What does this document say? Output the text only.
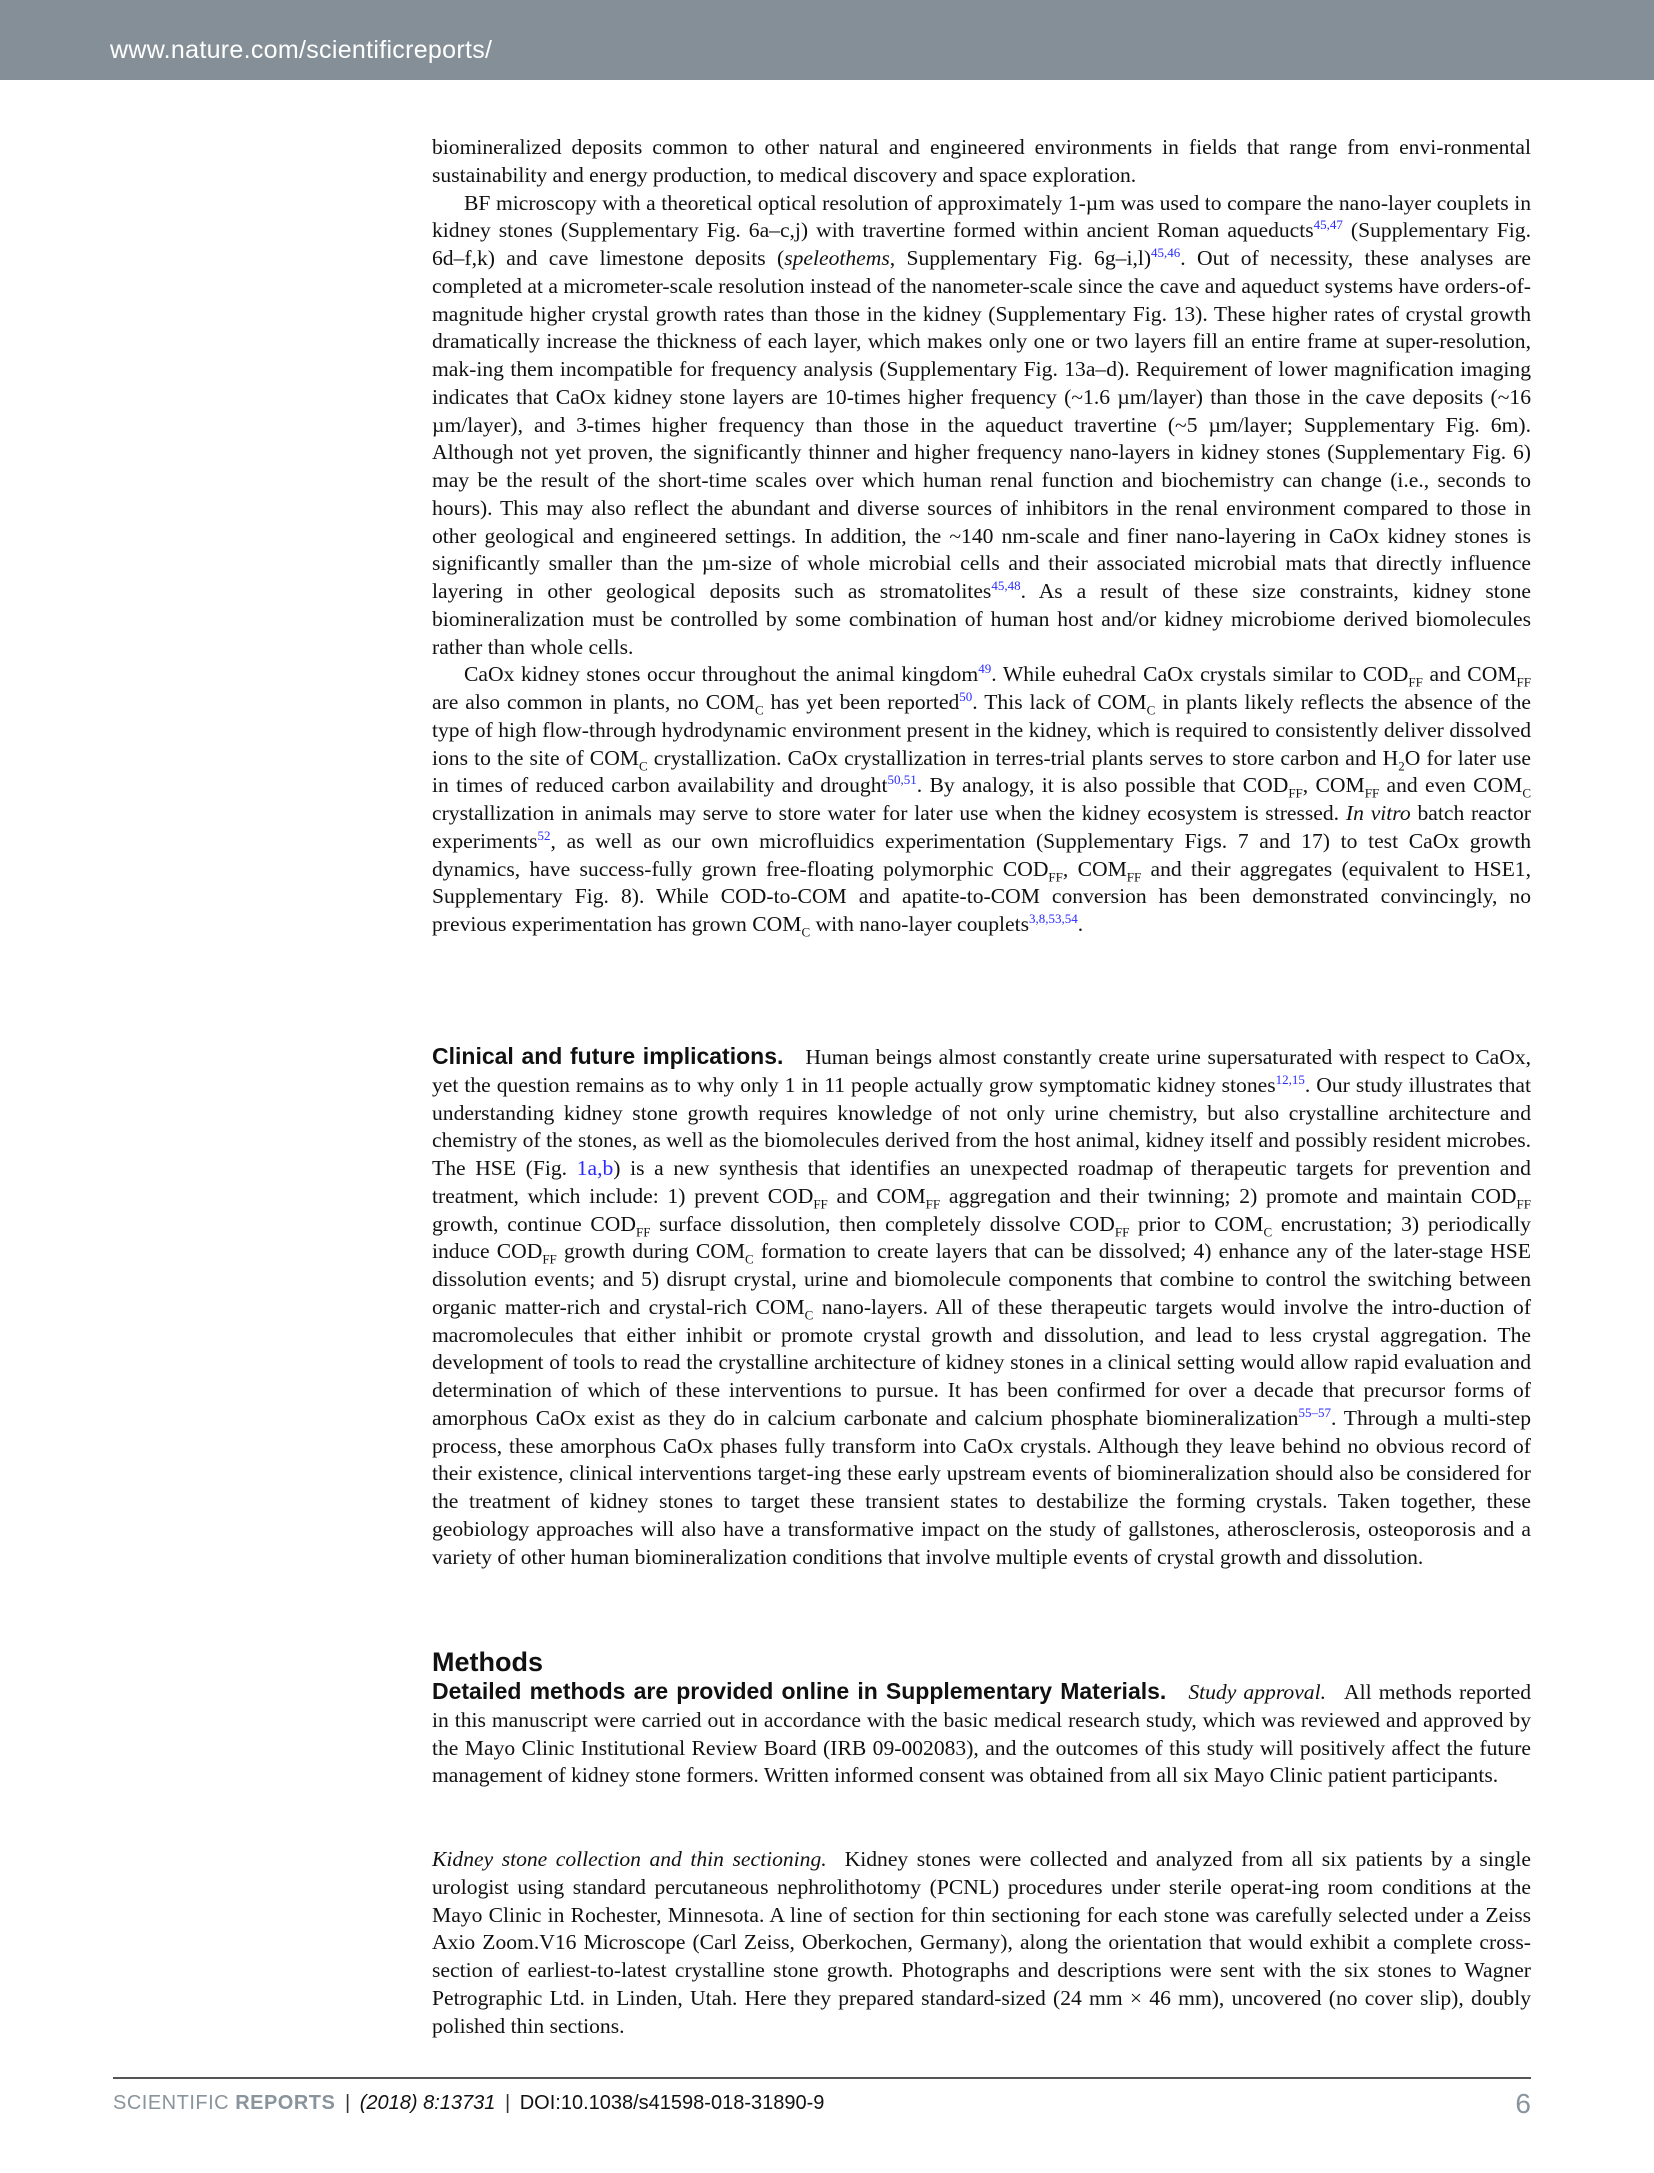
www.nature.com/scientificreports/

biomineralized deposits common to other natural and engineered environments in fields that range from envi-ronmental sustainability and energy production, to medical discovery and space exploration.

BF microscopy with a theoretical optical resolution of approximately 1-µm was used to compare the nano-layer couplets in kidney stones (Supplementary Fig. 6a–c,j) with travertine formed within ancient Roman aqueducts$^{45,47}$ (Supplementary Fig. 6d–f,k) and cave limestone deposits (speleothems, Supplementary Fig. 6g–i,l)$^{45,46}$. Out of necessity, these analyses are completed at a micrometer-scale resolution instead of the nanometer-scale since the cave and aqueduct systems have orders-of-magnitude higher crystal growth rates than those in the kidney (Supplementary Fig. 13). These higher rates of crystal growth dramatically increase the thickness of each layer, which makes only one or two layers fill an entire frame at super-resolution, mak-ing them incompatible for frequency analysis (Supplementary Fig. 13a–d). Requirement of lower magnification imaging indicates that CaOx kidney stone layers are 10-times higher frequency (~1.6 µm/layer) than those in the cave deposits (~16 µm/layer), and 3-times higher frequency than those in the aqueduct travertine (~5 µm/layer; Supplementary Fig. 6m). Although not yet proven, the significantly thinner and higher frequency nano-layers in kidney stones (Supplementary Fig. 6) may be the result of the short-time scales over which human renal function and biochemistry can change (i.e., seconds to hours). This may also reflect the abundant and diverse sources of inhibitors in the renal environment compared to those in other geological and engineered settings. In addition, the ~140 nm-scale and finer nano-layering in CaOx kidney stones is significantly smaller than the µm-size of whole microbial cells and their associated microbial mats that directly influence layering in other geological deposits such as stromatolites$^{45,48}$. As a result of these size constraints, kidney stone biomineralization must be controlled by some combination of human host and/or kidney microbiome derived biomolecules rather than whole cells.

CaOx kidney stones occur throughout the animal kingdom$^{49}$. While euhedral CaOx crystals similar to $COD_{FF}$ and $COM_{FF}$ are also common in plants, no $COM_C$ has yet been reported$^{50}$. This lack of $COM_C$ in plants likely reflects the absence of the type of high flow-through hydrodynamic environment present in the kidney, which is required to consistently deliver dissolved ions to the site of $COM_C$ crystallization. CaOx crystallization in terres-trial plants serves to store carbon and $H_2O$ for later use in times of reduced carbon availability and drought$^{50,51}$. By analogy, it is also possible that $COD_{FF}$, $COM_{FF}$ and even $COM_C$ crystallization in animals may serve to store water for later use when the kidney ecosystem is stressed. In vitro batch reactor experiments$^{52}$, as well as our own microfluidics experimentation (Supplementary Figs. 7 and 17) to test CaOx growth dynamics, have success-fully grown free-floating polymorphic $COD_{FF}$, $COM_{FF}$ and their aggregates (equivalent to HSE1, Supplementary Fig. 8). While COD-to-COM and apatite-to-COM conversion has been demonstrated convincingly, no previous experimentation has grown $COM_C$ with nano-layer couplets$^{3,8,53,54}$.

Clinical and future implications. Human beings almost constantly create urine supersaturated with respect to CaOx, yet the question remains as to why only 1 in 11 people actually grow symptomatic kidney stones$^{12,15}$. Our study illustrates that understanding kidney stone growth requires knowledge of not only urine chemistry, but also crystalline architecture and chemistry of the stones, as well as the biomolecules derived from the host animal, kidney itself and possibly resident microbes. The HSE (Fig. 1a,b) is a new synthesis that identifies an unexpected roadmap of therapeutic targets for prevention and treatment, which include: 1) prevent $COD_{FF}$ and $COM_{FF}$ aggregation and their twinning; 2) promote and maintain $COD_{FF}$ growth, continue $COD_{FF}$ surface dissolution, then completely dissolve $COD_{FF}$ prior to $COM_C$ encrustation; 3) periodically induce $COD_{FF}$ growth during $COM_C$ formation to create layers that can be dissolved; 4) enhance any of the later-stage HSE dissolution events; and 5) disrupt crystal, urine and biomolecule components that combine to control the switching between organic matter-rich and crystal-rich $COM_C$ nano-layers. All of these therapeutic targets would involve the intro-duction of macromolecules that either inhibit or promote crystal growth and dissolution, and lead to less crystal aggregation. The development of tools to read the crystalline architecture of kidney stones in a clinical setting would allow rapid evaluation and determination of which of these interventions to pursue. It has been confirmed for over a decade that precursor forms of amorphous CaOx exist as they do in calcium carbonate and calcium phosphate biomineralization$^{55-57}$. Through a multi-step process, these amorphous CaOx phases fully transform into CaOx crystals. Although they leave behind no obvious record of their existence, clinical interventions target-ing these early upstream events of biomineralization should also be considered for the treatment of kidney stones to target these transient states to destabilize the forming crystals. Taken together, these geobiology approaches will also have a transformative impact on the study of gallstones, atherosclerosis, osteoporosis and a variety of other human biomineralization conditions that involve multiple events of crystal growth and dissolution.

Methods

Detailed methods are provided online in Supplementary Materials. Study approval. All methods reported in this manuscript were carried out in accordance with the basic medical research study, which was reviewed and approved by the Mayo Clinic Institutional Review Board (IRB 09-002083), and the outcomes of this study will positively affect the future management of kidney stone formers. Written informed consent was obtained from all six Mayo Clinic patient participants.

Kidney stone collection and thin sectioning. Kidney stones were collected and analyzed from all six patients by a single urologist using standard percutaneous nephrolithotomy (PCNL) procedures under sterile operat-ing room conditions at the Mayo Clinic in Rochester, Minnesota. A line of section for thin sectioning for each stone was carefully selected under a Zeiss Axio Zoom.V16 Microscope (Carl Zeiss, Oberkochen, Germany), along the orientation that would exhibit a complete cross-section of earliest-to-latest crystalline stone growth. Photographs and descriptions were sent with the six stones to Wagner Petrographic Ltd. in Linden, Utah. Here they prepared standard-sized (24 mm × 46 mm), uncovered (no cover slip), doubly polished thin sections.

SCIENTIFIC REPORTS | (2018) 8:13731 | DOI:10.1038/s41598-018-31890-9	6
